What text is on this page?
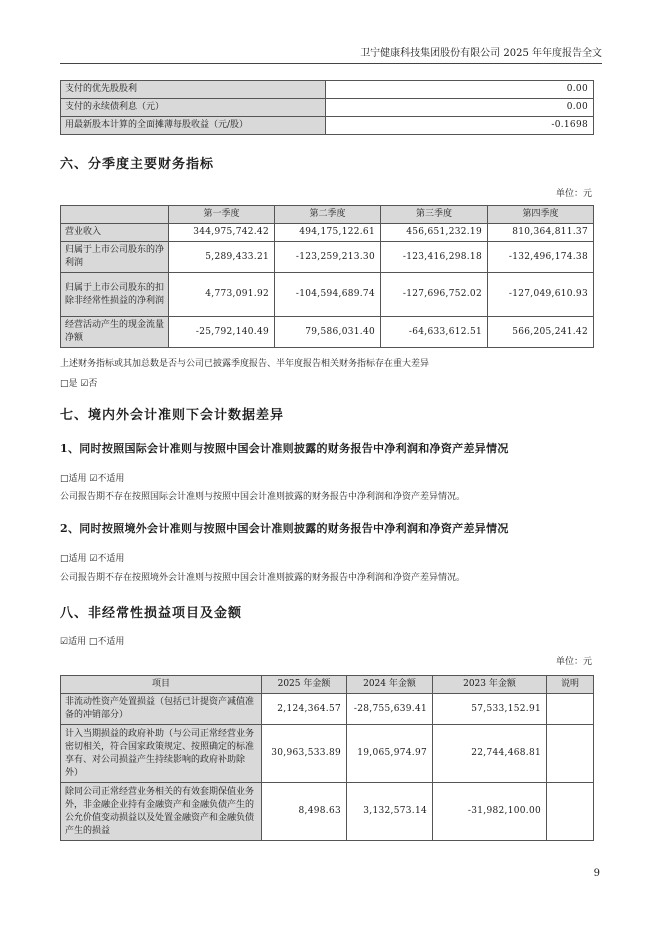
卫宁健康科技集团股份有限公司 2025 年年度报告全文
支付的优先股股利	0.00
支付的永续债利息（元）	0.00
用最新股本计算的全面摊薄每股收益（元/股）	-0.1698
六、分季度主要财务指标
单位：元
	第一季度	第二季度	第三季度	第四季度
营业收入	344,975,742.42	494,175,122.61	456,651,232.19	810,364,811.37
归属于上市公司股东的净利润	5,289,433.21	-123,259,213.30	-123,416,298.18	-132,496,174.38
归属于上市公司股东的扣除非经常性损益的净利润	4,773,091.92	-104,594,689.74	-127,696,752.02	-127,049,610.93
经营活动产生的现金流量净额	-25,792,140.49	79,586,031.40	-64,633,612.51	566,205,241.42
上述财务指标或其加总数是否与公司已披露季度报告、半年度报告相关财务指标存在重大差异
□是 ☑否
七、境内外会计准则下会计数据差异
1、同时按照国际会计准则与按照中国会计准则披露的财务报告中净利润和净资产差异情况
□适用 ☑不适用
公司报告期不存在按照国际会计准则与按照中国会计准则披露的财务报告中净利润和净资产差异情况。
2、同时按照境外会计准则与按照中国会计准则披露的财务报告中净利润和净资产差异情况
□适用 ☑不适用
公司报告期不存在按照境外会计准则与按照中国会计准则披露的财务报告中净利润和净资产差异情况。
八、非经常性损益项目及金额
☑适用 □不适用
单位：元
项目	2025 年金额	2024 年金额	2023 年金额	说明
非流动性资产处置损益（包括已计提资产减值准备的冲销部分）	2,124,364.57	-28,755,639.41	57,533,152.91	
计入当期损益的政府补助（与公司正常经营业务密切相关，符合国家政策规定、按照确定的标准享有、对公司损益产生持续影响的政府补助除外）	30,963,533.89	19,065,974.97	22,744,468.81	
除同公司正常经营业务相关的有效套期保值业务外，非金融企业持有金融资产和金融负债产生的公允价值变动损益以及处置金融资产和金融负债产生的损益	8,498.63	3,132,573.14	-31,982,100.00	
9
